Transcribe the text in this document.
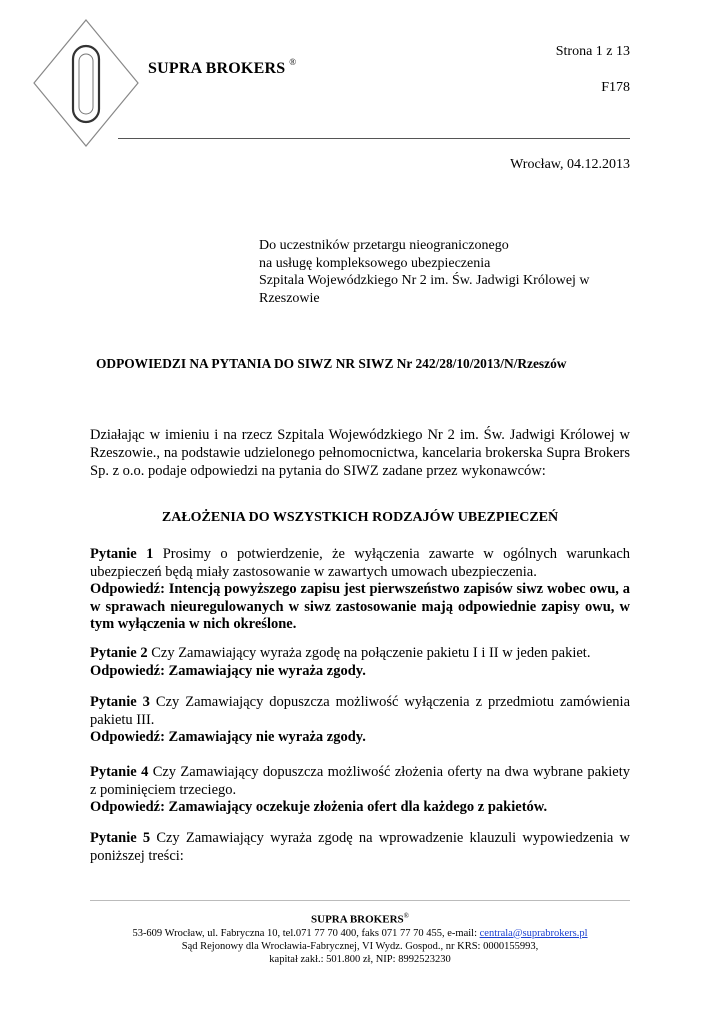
SUPRA BROKERS ®
Strona 1 z 13
F178
Wrocław, 04.12.2013
Do uczestników przetargu nieograniczonego
na usługę kompleksowego ubezpieczenia
Szpitala Wojewódzkiego Nr 2 im. Św. Jadwigi Królowej w
Rzeszowie
ODPOWIEDZI NA PYTANIA DO SIWZ NR SIWZ Nr 242/28/10/2013/N/Rzeszów
Działając w imieniu i na rzecz Szpitala Wojewódzkiego Nr 2 im. Św. Jadwigi Królowej w Rzeszowie., na podstawie udzielonego pełnomocnictwa, kancelaria brokerska Supra Brokers Sp. z o.o. podaje odpowiedzi na pytania do SIWZ zadane przez wykonawców:
ZAŁOŻENIA DO WSZYSTKICH RODZAJÓW UBEZPIECZEŃ
Pytanie 1 Prosimy o potwierdzenie, że wyłączenia zawarte w ogólnych warunkach ubezpieczeń będą miały zastosowanie w zawartych umowach ubezpieczenia.
Odpowiedź: Intencją powyższego zapisu jest pierwszeństwo zapisów siwz wobec owu, a w sprawach nieuregulowanych w siwz zastosowanie mają odpowiednie zapisy owu, w tym wyłączenia w nich określone.
Pytanie 2 Czy Zamawiający wyraża zgodę na połączenie pakietu I i II w jeden pakiet.
Odpowiedź: Zamawiający nie wyraża zgody.
Pytanie 3 Czy Zamawiający dopuszcza możliwość wyłączenia z przedmiotu zamówienia pakietu III.
Odpowiedź: Zamawiający nie wyraża zgody.
Pytanie 4 Czy Zamawiający dopuszcza możliwość złożenia oferty na dwa wybrane pakiety z pominięciem trzeciego.
Odpowiedź: Zamawiający oczekuje złożenia ofert dla każdego z pakietów.
Pytanie 5 Czy Zamawiający wyraża zgodę na wprowadzenie klauzuli wypowiedzenia w poniższej treści:
SUPRA BROKERS®
53-609 Wrocław, ul. Fabryczna 10, tel.071 77 70 400, faks 071 77 70 455, e-mail: centrala@suprabrokers.pl
Sąd Rejonowy dla Wrocławia-Fabrycznej, VI Wydz. Gospod., nr KRS: 0000155993,
kapitał zakł.: 501.800 zł, NIP: 8992523230
